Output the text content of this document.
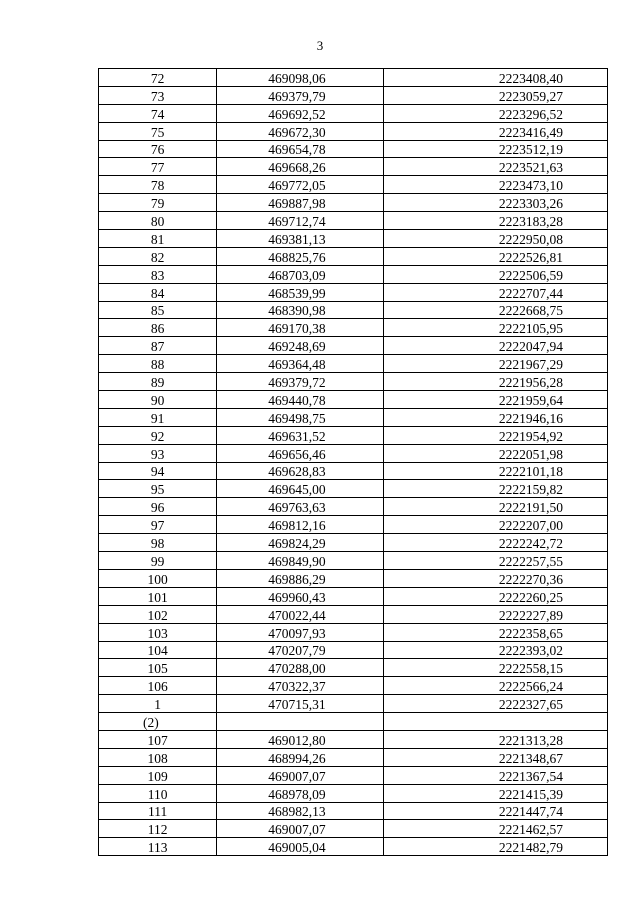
3
72	469098,06	2223408,40
73	469379,79	2223059,27
74	469692,52	2223296,52
75	469672,30	2223416,49
76	469654,78	2223512,19
77	469668,26	2223521,63
78	469772,05	2223473,10
79	469887,98	2223303,26
80	469712,74	2223183,28
81	469381,13	2222950,08
82	468825,76	2222526,81
83	468703,09	2222506,59
84	468539,99	2222707,44
85	468390,98	2222668,75
86	469170,38	2222105,95
87	469248,69	2222047,94
88	469364,48	2221967,29
89	469379,72	2221956,28
90	469440,78	2221959,64
91	469498,75	2221946,16
92	469631,52	2221954,92
93	469656,46	2222051,98
94	469628,83	2222101,18
95	469645,00	2222159,82
96	469763,63	2222191,50
97	469812,16	2222207,00
98	469824,29	2222242,72
99	469849,90	2222257,55
100	469886,29	2222270,36
101	469960,43	2222260,25
102	470022,44	2222227,89
103	470097,93	2222358,65
104	470207,79	2222393,02
105	470288,00	2222558,15
106	470322,37	2222566,24
1	470715,31	2222327,65
(2)		
107	469012,80	2221313,28
108	468994,26	2221348,67
109	469007,07	2221367,54
110	468978,09	2221415,39
111	468982,13	2221447,74
112	469007,07	2221462,57
113	469005,04	2221482,79
